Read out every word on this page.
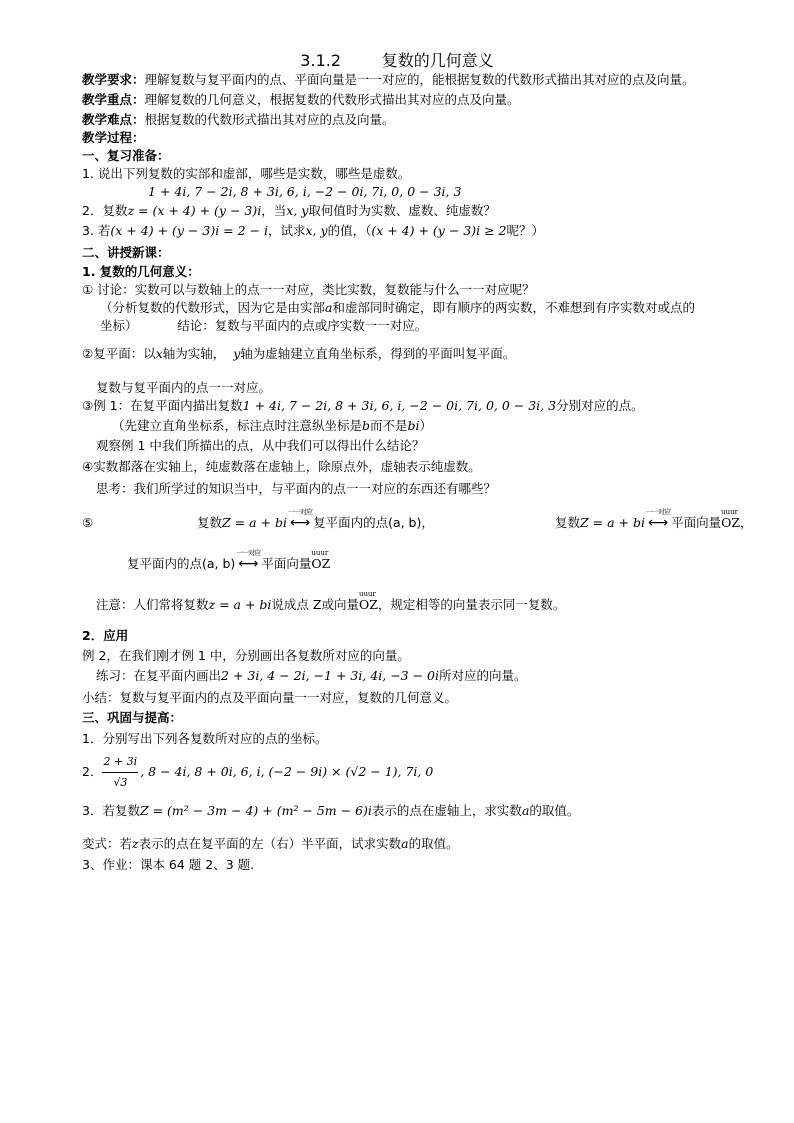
3.1.2        复数的几何意义
教学要求：理解复数与复平面内的点、平面向量是一一对应的，能根据复数的代数形式描出其对应的点及向量。
教学重点：理解复数的几何意义，根据复数的代数形式描出其对应的点及向量。
教学难点：根据复数的代数形式描出其对应的点及向量。
教学过程：
一、复习准备：
1. 说出下列复数的实部和虚部，哪些是实数，哪些是虚数。
1 + 4i, 7 − 2i, 8 + 3i, 6, i, −2 − 0i, 7i, 0, 0 − 3i, 3
2．复数z = (x + 4) + (y − 3)i，当x, y取何值时为实数、虚数、纯虚数？
3. 若(x + 4) + (y − 3)i = 2 − i，试求x, y的值，（(x + 4) + (y − 3)i ≥ 2呢？）
二、讲授新课：
1. 复数的几何意义：
① 讨论：实数可以与数轴上的点一一对应，类比实数，复数能与什么一一对应呢？
（分析复数的代数形式，因为它是由实部a和虚部同时确定，即有顺序的两实数，不难想到有序实数对或点的
坐标）          结论：复数与平面内的点或序实数一一对应。
②复平面：以x轴为实轴，  y轴为虚轴建立直角坐标系，得到的平面叫复平面。
复数与复平面内的点一一对应。
③例 1：在复平面内描出复数1 + 4i, 7 − 2i, 8 + 3i, 6, i, −2 − 0i, 7i, 0, 0 − 3i, 3分别对应的点。
（先建立直角坐标系，标注点时注意纵坐标是b而不是bi）
观察例 1 中我们所描出的点，从中我们可以得出什么结论？
④实数都落在实轴上，纯虚数落在虚轴上，除原点外，虚轴表示纯虚数。
思考：我们所学过的知识当中，与平面内的点一一对应的东西还有哪些？
⑤	复数Z = a + bi
一一对应
⟷ 复平面内的点(a, b)，	复数Z = a + bi
一一对应
⟷ 平面向量
uuur
OZ，
复平面内的点(a, b)
一一对应
⟷ 平面向量
uuur
OZ
注意：人们常将复数z = a + bi说成点 Z或向量
uuur
OZ，规定相等的向量表示同一复数。
2．应用
例 2，在我们刚才例 1 中，分别画出各复数所对应的向量。
练习：在复平面内画出2 + 3i, 4 − 2i, −1 + 3i, 4i, −3 − 0i所对应的向量。
小结：复数与复平面内的点及平面向量一一对应，复数的几何意义。
三、巩固与提高：
1．分别写出下列各复数所对应的点的坐标。
2． $\frac{2 + 3i}{√3}$ , 8 − 4i, 8 + 0i, 6, i, (−2 − 9i) × (√2 − 1), 7i, 0
3．若复数Z = (m² − 3m − 4) + (m² − 5m − 6)i表示的点在虚轴上，求实数a的取值。
变式：若z表示的点在复平面的左（右）半平面，试求实数a的取值。
3、作业：课本 64 题 2、3 题.
